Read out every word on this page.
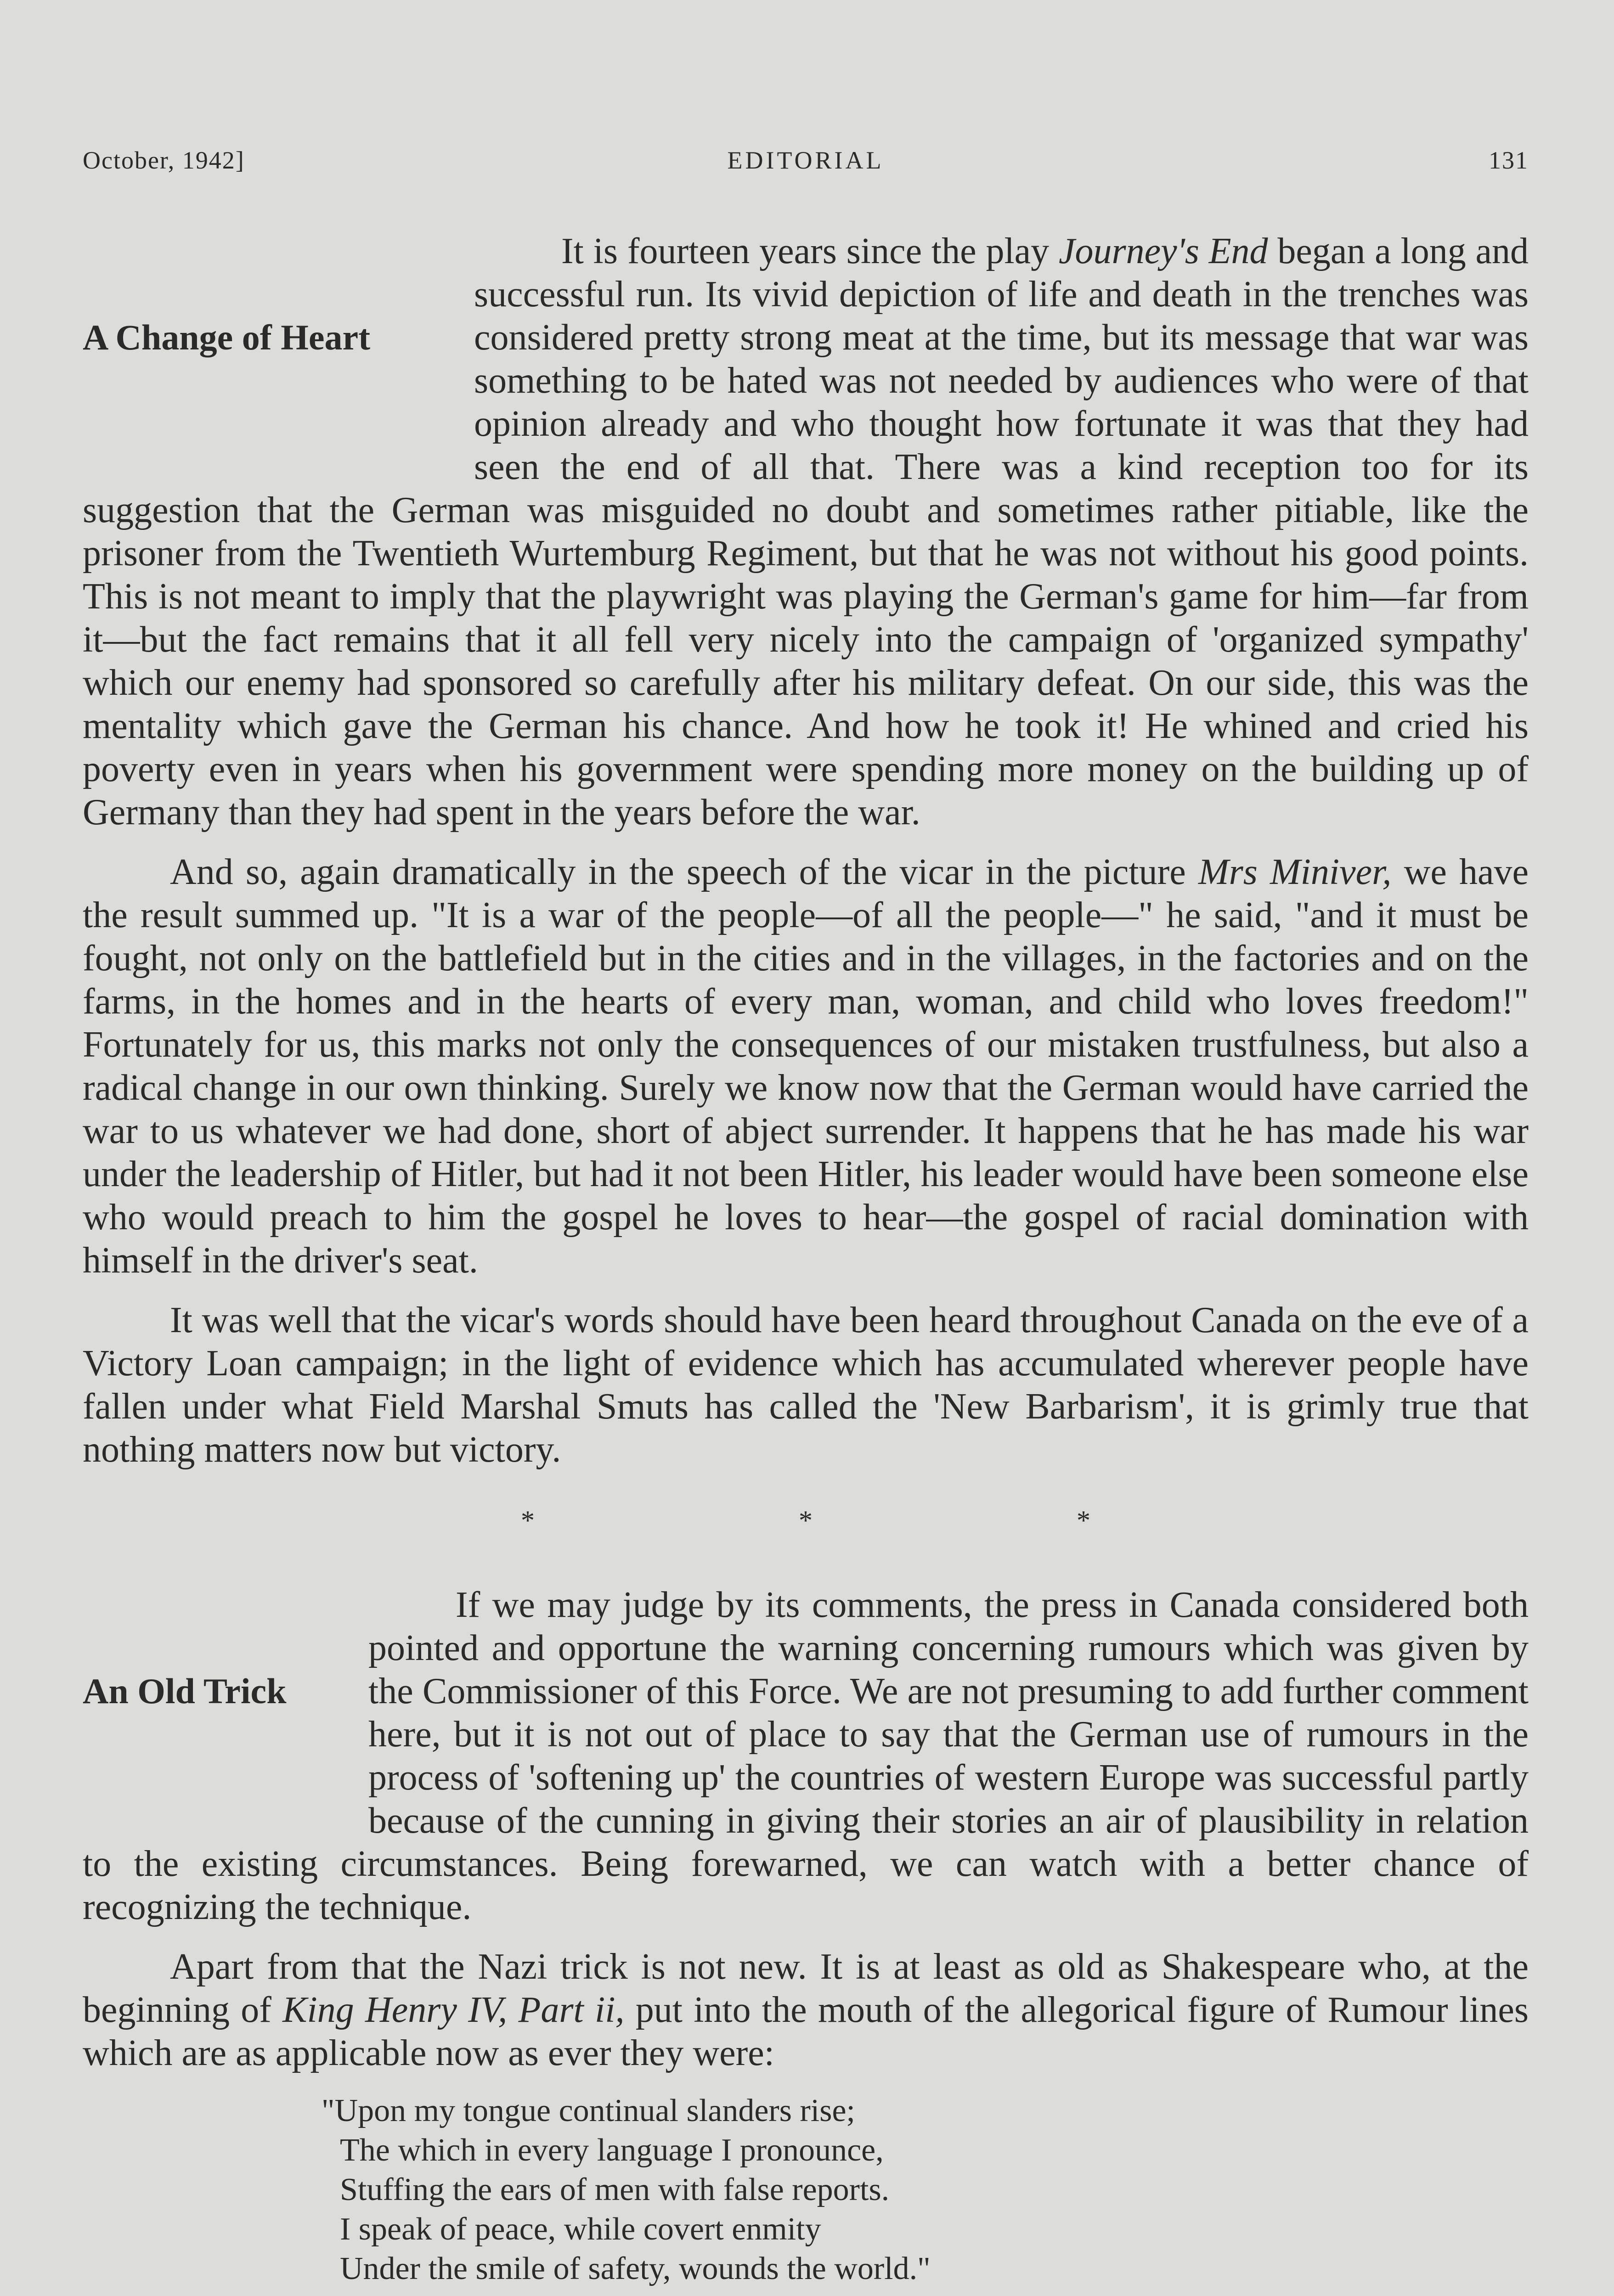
October, 1942]	EDITORIAL	131

A Change of Heart
It is fourteen years since the play Journey's End began a long and successful run. Its vivid depiction of life and death in the trenches was considered pretty strong meat at the time, but its message that war was something to be hated was not needed by audiences who were of that opinion already and who thought how fortunate it was that they had seen the end of all that. There was a kind reception too for its suggestion that the German was misguided no doubt and sometimes rather pitiable, like the prisoner from the Twentieth Wurtemburg Regiment, but that he was not without his good points. This is not meant to imply that the playwright was playing the German's game for him—far from it—but the fact remains that it all fell very nicely into the campaign of 'organized sympathy' which our enemy had sponsored so carefully after his military defeat. On our side, this was the mentality which gave the German his chance. And how he took it! He whined and cried his poverty even in years when his government were spending more money on the building up of Germany than they had spent in the years before the war.

And so, again dramatically in the speech of the vicar in the picture Mrs Miniver, we have the result summed up. "It is a war of the people—of all the people—" he said, "and it must be fought, not only on the battlefield but in the cities and in the villages, in the factories and on the farms, in the homes and in the hearts of every man, woman, and child who loves freedom!" Fortunately for us, this marks not only the consequences of our mistaken trustfulness, but also a radical change in our own thinking. Surely we know now that the German would have carried the war to us whatever we had done, short of abject surrender. It happens that he has made his war under the leadership of Hitler, but had it not been Hitler, his leader would have been someone else who would preach to him the gospel he loves to hear—the gospel of racial domination with himself in the driver's seat.

It was well that the vicar's words should have been heard throughout Canada on the eve of a Victory Loan campaign; in the light of evidence which has accumulated wherever people have fallen under what Field Marshal Smuts has called the 'New Barbarism', it is grimly true that nothing matters now but victory.

* * *

An Old Trick
If we may judge by its comments, the press in Canada considered both pointed and opportune the warning concerning rumours which was given by the Commissioner of this Force. We are not presuming to add further comment here, but it is not out of place to say that the German use of rumours in the process of 'softening up' the countries of western Europe was successful partly because of the cunning in giving their stories an air of plausibility in relation to the existing circumstances. Being forewarned, we can watch with a better chance of recognizing the technique.

Apart from that the Nazi trick is not new. It is at least as old as Shakespeare who, at the beginning of King Henry IV, Part ii, put into the mouth of the allegorical figure of Rumour lines which are as applicable now as ever they were:

"Upon my tongue continual slanders rise;
The which in every language I pronounce,
Stuffing the ears of men with false reports.
I speak of peace, while covert enmity
Under the smile of safety, wounds the world."
